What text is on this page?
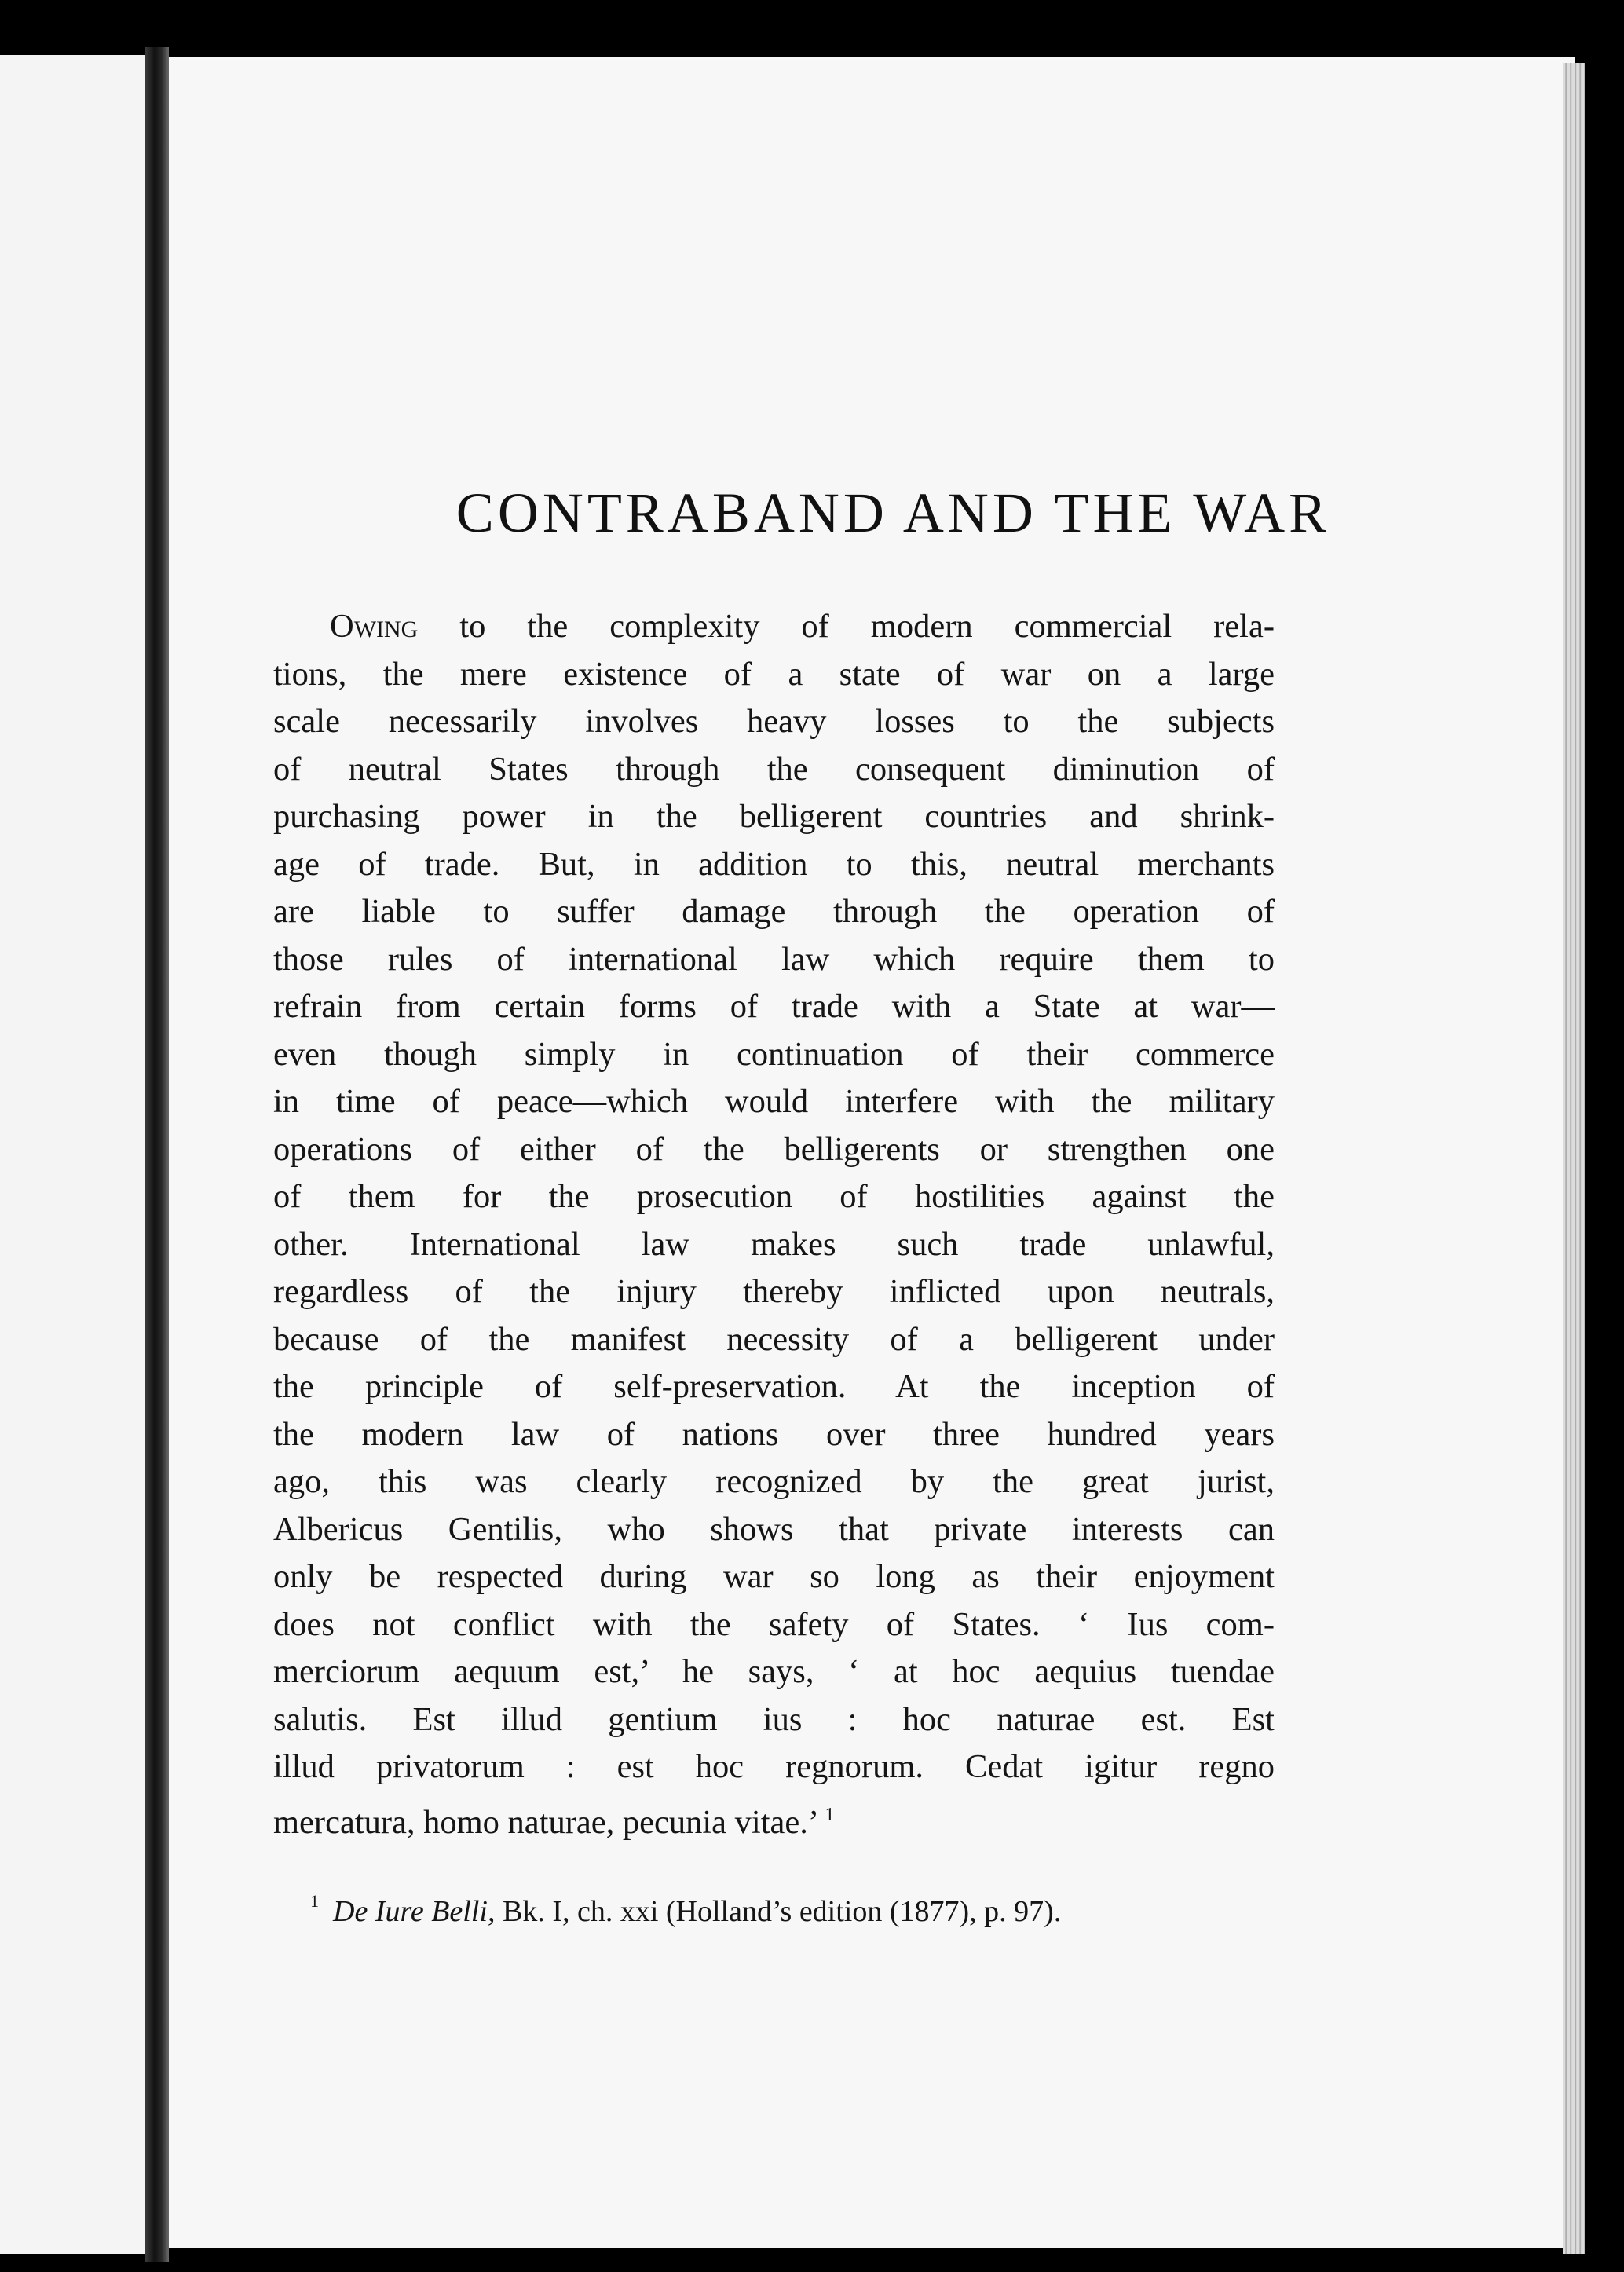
CONTRABAND AND THE WAR
Owing to the complexity of modern commercial rela-
tions, the mere existence of a state of war on a large
scale necessarily involves heavy losses to the subjects
of neutral States through the consequent diminution of
purchasing power in the belligerent countries and shrink-
age of trade. But, in addition to this, neutral merchants
are liable to suffer damage through the operation of
those rules of international law which require them to
refrain from certain forms of trade with a State at war—
even though simply in continuation of their commerce
in time of peace—which would interfere with the military
operations of either of the belligerents or strengthen one
of them for the prosecution of hostilities against the
other. International law makes such trade unlawful,
regardless of the injury thereby inflicted upon neutrals,
because of the manifest necessity of a belligerent under
the principle of self-preservation. At the inception of
the modern law of nations over three hundred years
ago, this was clearly recognized by the great jurist,
Albericus Gentilis, who shows that private interests can
only be respected during war so long as their enjoyment
does not conflict with the safety of States. ‘ Ius com-
merciorum aequum est,’ he says, ‘ at hoc aequius tuendae
salutis. Est illud gentium ius : hoc naturae est. Est
illud privatorum : est hoc regnorum. Cedat igitur regno
mercatura, homo naturae, pecunia vitae.’ $^1$
$^1$ De Iure Belli, Bk. I, ch. xxi (Holland’s edition (1877), p. 97).
